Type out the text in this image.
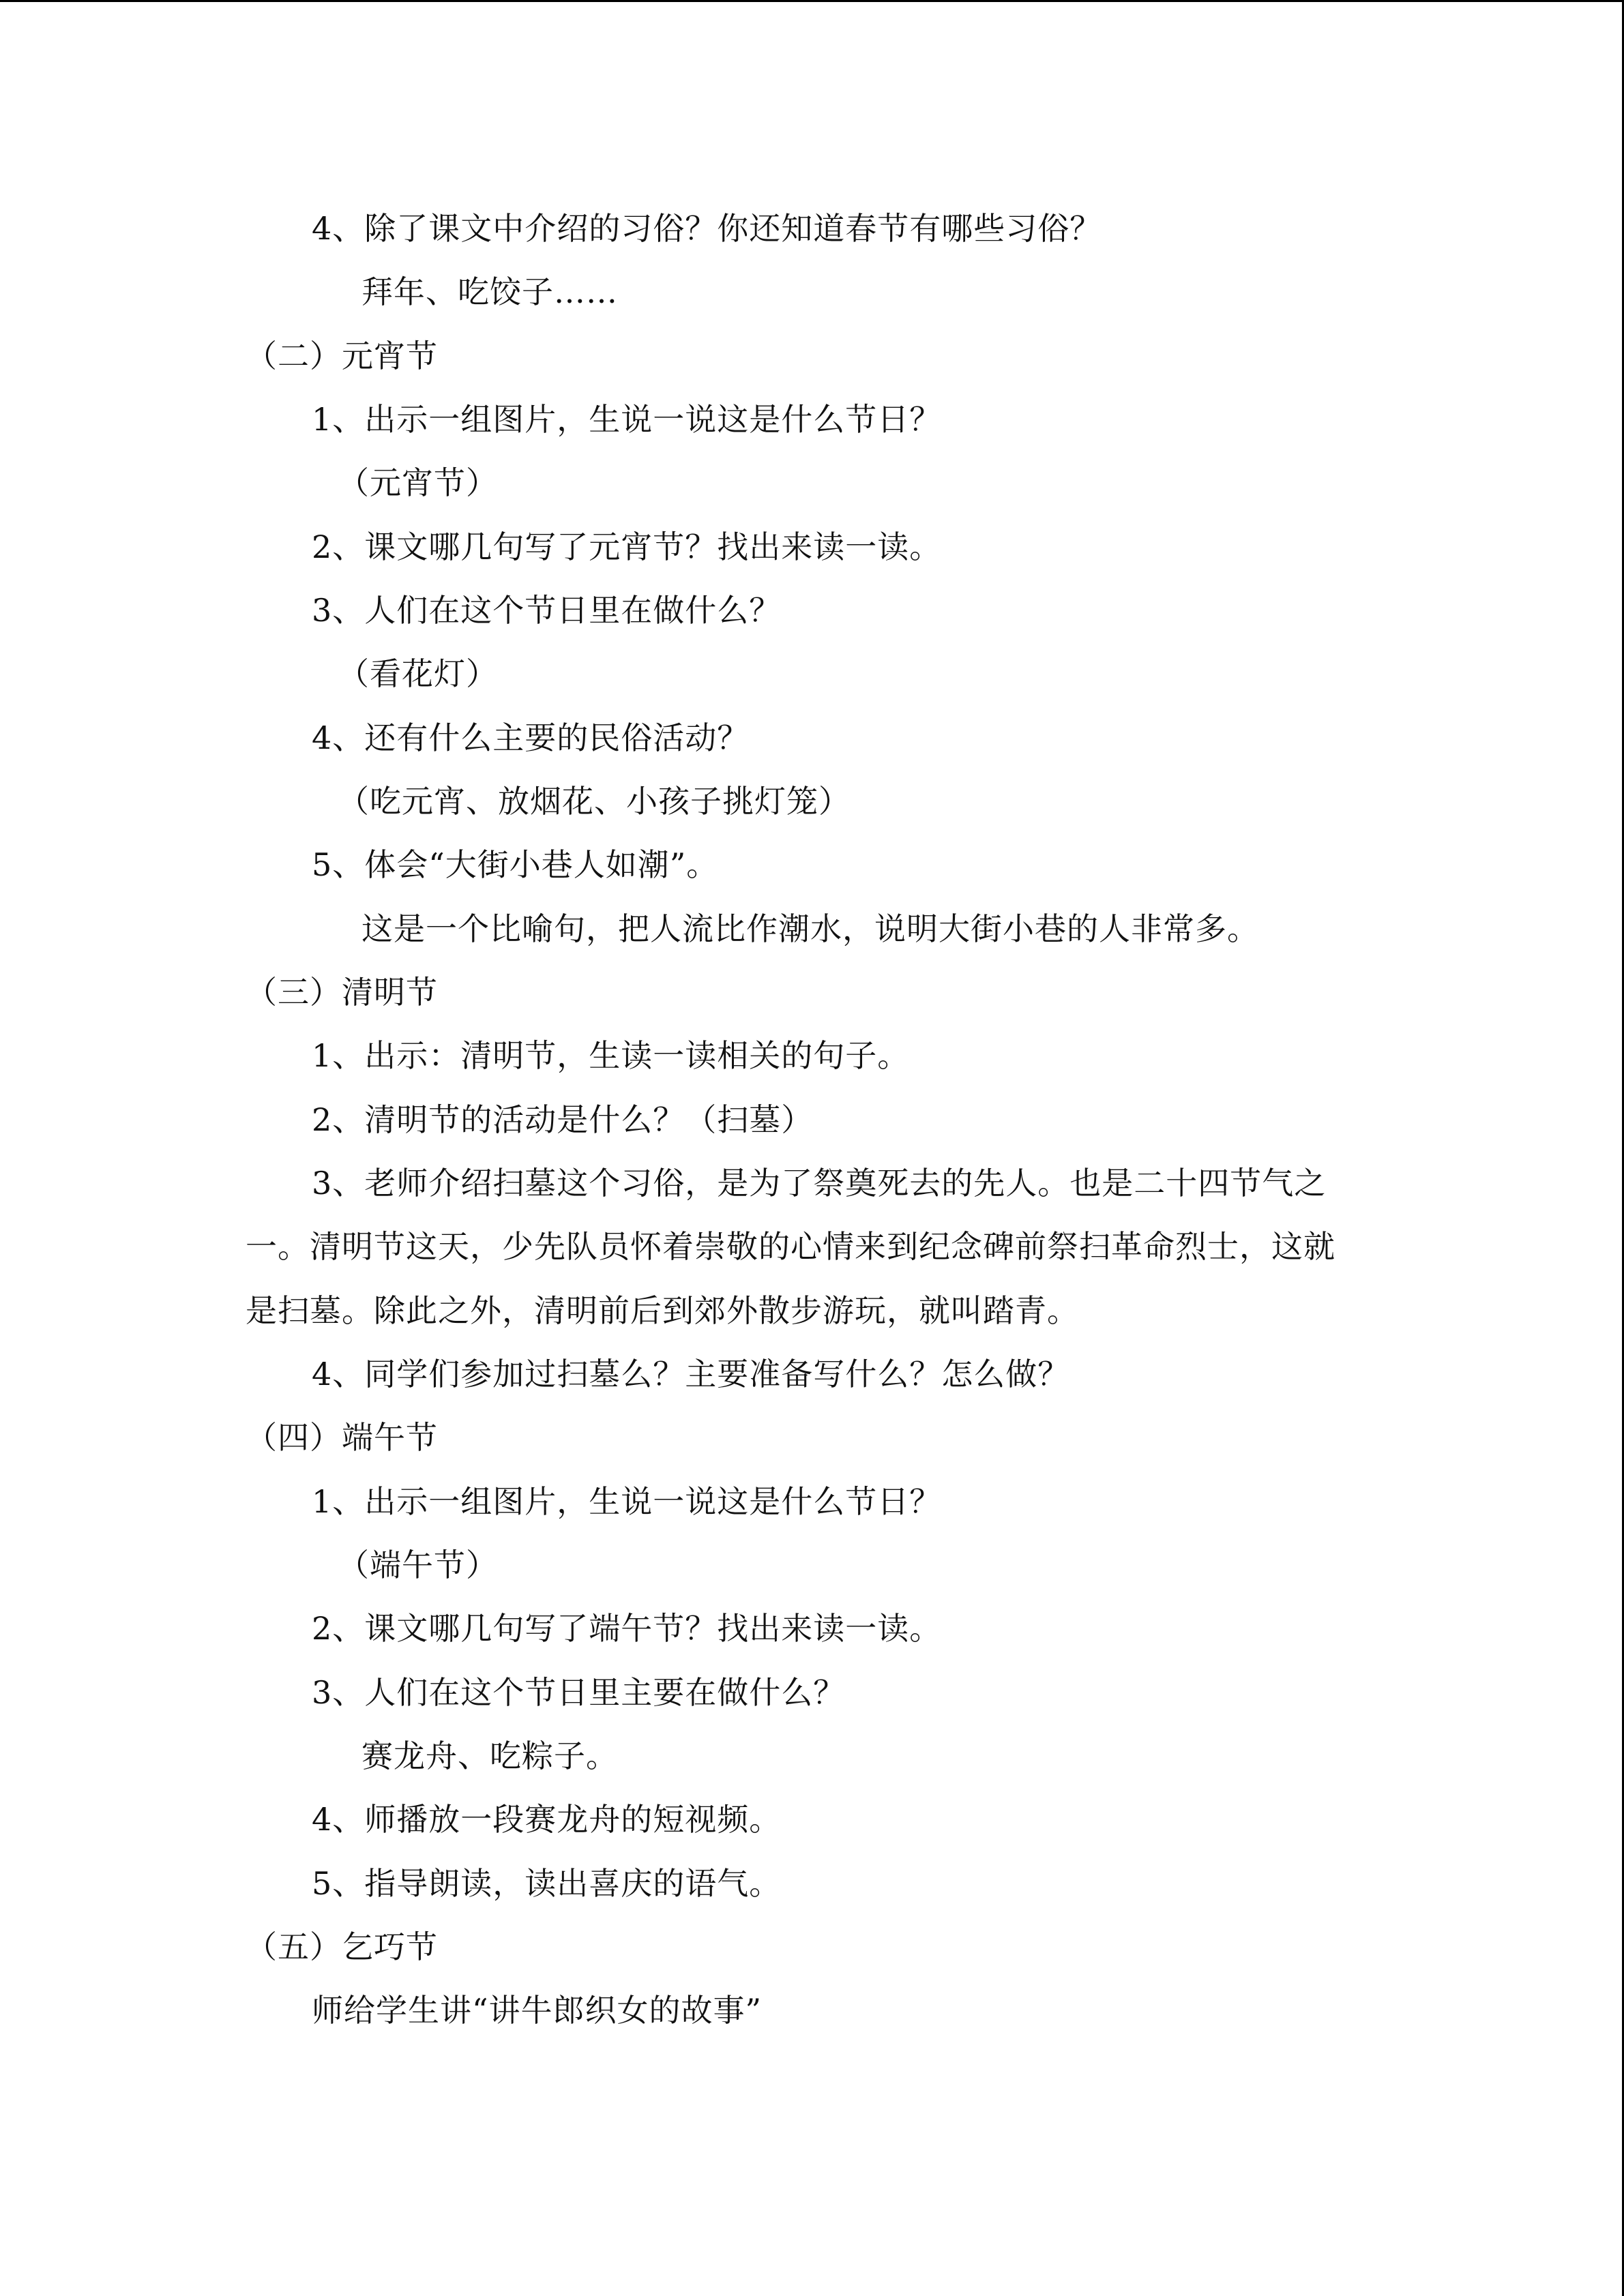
4、除了课文中介绍的习俗？你还知道春节有哪些习俗？
拜年、吃饺子……
（二）元宵节
1、出示一组图片，生说一说这是什么节日？
（元宵节）
2、课文哪几句写了元宵节？找出来读一读。
3、人们在这个节日里在做什么？
（看花灯）
4、还有什么主要的民俗活动？
（吃元宵、放烟花、小孩子挑灯笼）
5、体会“大街小巷人如潮”。
这是一个比喻句，把人流比作潮水，说明大街小巷的人非常多。
（三）清明节
1、出示：清明节，生读一读相关的句子。
2、清明节的活动是什么？（扫墓）
3、老师介绍扫墓这个习俗，是为了祭奠死去的先人。也是二十四节气之
一。清明节这天，少先队员怀着崇敬的心情来到纪念碑前祭扫革命烈士，这就
是扫墓。除此之外，清明前后到郊外散步游玩，就叫踏青。
4、同学们参加过扫墓么？主要准备写什么？怎么做？
（四）端午节
1、出示一组图片，生说一说这是什么节日？
（端午节）
2、课文哪几句写了端午节？找出来读一读。
3、人们在这个节日里主要在做什么？
赛龙舟、吃粽子。
4、师播放一段赛龙舟的短视频。
5、指导朗读，读出喜庆的语气。
（五）乞巧节
师给学生讲“讲牛郎织女的故事”
